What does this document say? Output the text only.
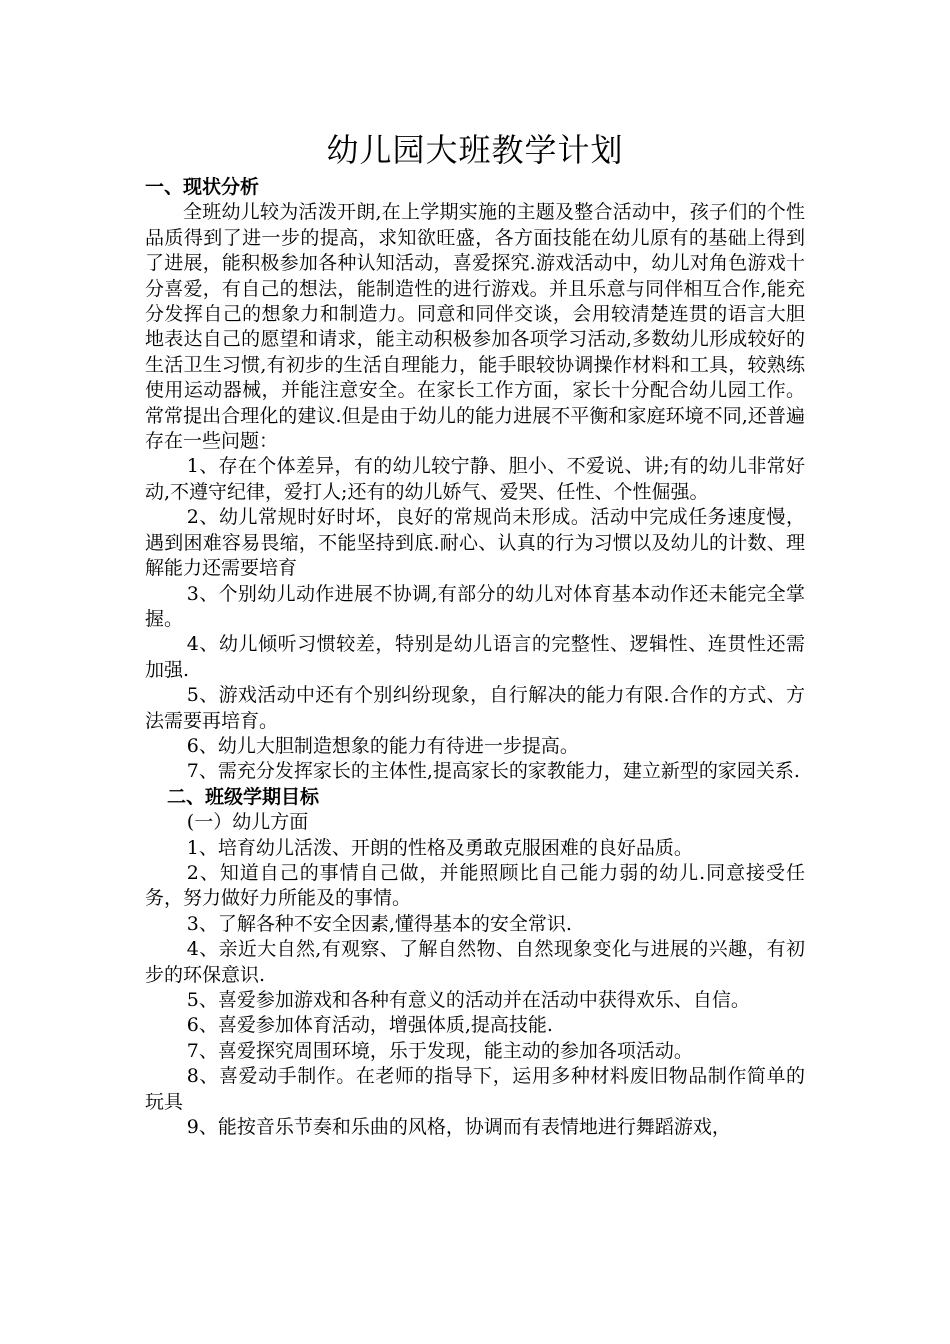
幼儿园大班教学计划

一、现状分析

全班幼儿较为活泼开朗,在上学期实施的主题及整合活动中，孩子们的个性品质得到了进一步的提高，求知欲旺盛，各方面技能在幼儿原有的基础上得到了进展，能积极参加各种认知活动，喜爱探究.游戏活动中，幼儿对角色游戏十分喜爱，有自己的想法，能制造性的进行游戏。并且乐意与同伴相互合作,能充分发挥自己的想象力和制造力。同意和同伴交谈，会用较清楚连贯的语言大胆地表达自己的愿望和请求，能主动积极参加各项学习活动,多数幼儿形成较好的生活卫生习惯,有初步的生活自理能力，能手眼较协调操作材料和工具，较熟练使用运动器械，并能注意安全。在家长工作方面，家长十分配合幼儿园工作。常常提出合理化的建议.但是由于幼儿的能力进展不平衡和家庭环境不同,还普遍存在一些问题：

1、存在个体差异，有的幼儿较宁静、胆小、不爱说、讲;有的幼儿非常好动,不遵守纪律，爱打人;还有的幼儿娇气、爱哭、任性、个性倔强。

2、幼儿常规时好时坏，良好的常规尚未形成。活动中完成任务速度慢，遇到困难容易畏缩，不能坚持到底.耐心、认真的行为习惯以及幼儿的计数、理解能力还需要培育

3、个别幼儿动作进展不协调,有部分的幼儿对体育基本动作还未能完全掌握。

4、幼儿倾听习惯较差，特别是幼儿语言的完整性、逻辑性、连贯性还需加强.

5、游戏活动中还有个别纠纷现象，自行解决的能力有限.合作的方式、方法需要再培育。

6、幼儿大胆制造想象的能力有待进一步提高。

7、需充分发挥家长的主体性,提高家长的家教能力，建立新型的家园关系.

二、班级学期目标

(一）幼儿方面

1、培育幼儿活泼、开朗的性格及勇敢克服困难的良好品质。

2、知道自己的事情自己做，并能照顾比自己能力弱的幼儿.同意接受任务，努力做好力所能及的事情。

3、了解各种不安全因素,懂得基本的安全常识.

4、亲近大自然,有观察、了解自然物、自然现象变化与进展的兴趣，有初步的环保意识.

5、喜爱参加游戏和各种有意义的活动并在活动中获得欢乐、自信。

6、喜爱参加体育活动，增强体质,提高技能.

7、喜爱探究周围环境，乐于发现，能主动的参加各项活动。

8、喜爱动手制作。在老师的指导下，运用多种材料废旧物品制作简单的玩具

9、能按音乐节奏和乐曲的风格，协调而有表情地进行舞蹈游戏，
